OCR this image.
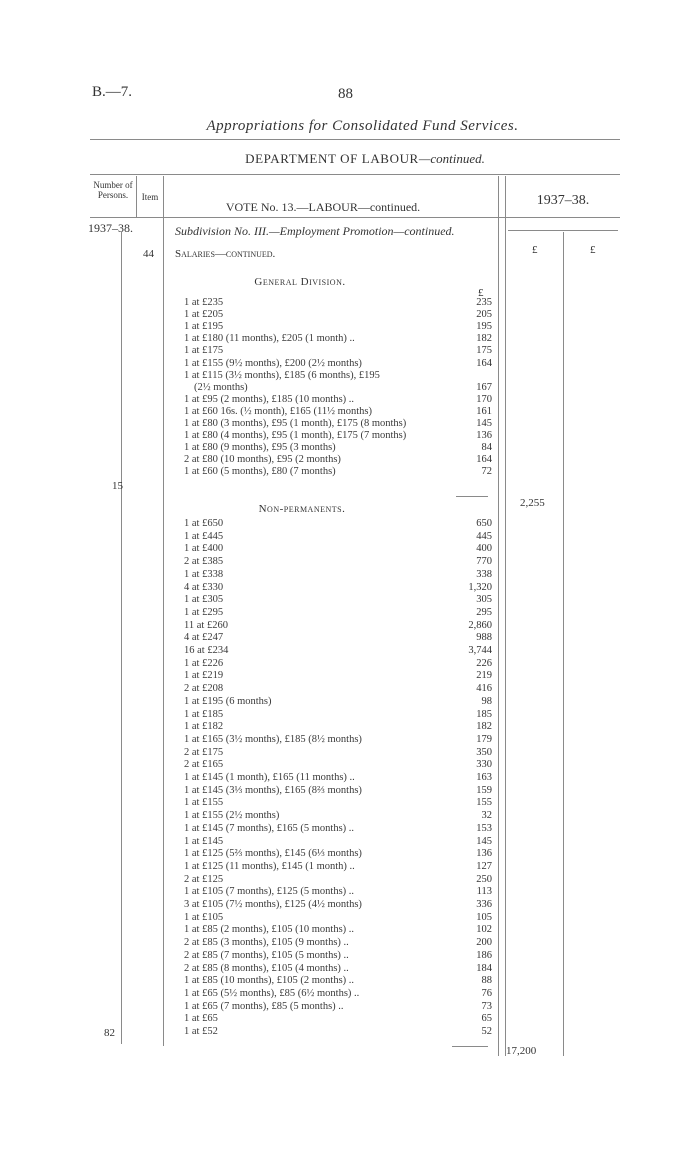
B.—7.	88
Appropriations for Consolidated Fund Services.
DEPARTMENT OF LABOUR—continued.
Number of Persons.	Item
VOTE No. 13.—LABOUR—continued.	1937–38.
1937–38.	Subdivision No. III.—Employment Promotion—continued.
£	£
44 Salaries—continued.
General Division.
£
1 at £235	235
1 at £205	205
1 at £195	195
1 at £180 (11 months), £205 (1 month) ..	182
1 at £175	175
1 at £155 (9½ months), £200 (2½ months)	164
1 at £115 (3½ months), £185 (6 months), £195
(2½ months)	167
1 at £95 (2 months), £185 (10 months) ..	170
1 at £60 16s. (½ month), £165 (11½ months)	161
1 at £80 (3 months), £95 (1 month), £175 (8 months)	145
1 at £80 (4 months), £95 (1 month), £175 (7 months)	136
1 at £80 (9 months), £95 (3 months)	84
2 at £80 (10 months), £95 (2 months)	164
1 at £60 (5 months), £80 (7 months)	72
15
2,255
Non-permanents.
1 at £650	650
1 at £445	445
1 at £400	400
2 at £385	770
1 at £338	338
4 at £330	1,320
1 at £305	305
1 at £295	295
11 at £260	2,860
4 at £247	988
16 at £234	3,744
1 at £226	226
1 at £219	219
2 at £208	416
1 at £195 (6 months)	98
1 at £185	185
1 at £182	182
1 at £165 (3½ months), £185 (8½ months)	179
2 at £175	350
2 at £165	330
1 at £145 (1 month), £165 (11 months) ..	163
1 at £145 (3⅓ months), £165 (8⅔ months)	159
1 at £155	155
1 at £155 (2½ months)	32
1 at £145 (7 months), £165 (5 months) ..	153
1 at £145	145
1 at £125 (5⅔ months), £145 (6⅓ months)	136
1 at £125 (11 months), £145 (1 month) ..	127
2 at £125	250
1 at £105 (7 months), £125 (5 months) ..	113
3 at £105 (7½ months), £125 (4½ months)	336
1 at £105	105
1 at £85 (2 months), £105 (10 months) ..	102
2 at £85 (3 months), £105 (9 months) ..	200
2 at £85 (7 months), £105 (5 months) ..	186
2 at £85 (8 months), £105 (4 months) ..	184
1 at £85 (10 months), £105 (2 months) ..	88
1 at £65 (5½ months), £85 (6½ months) ..	76
1 at £65 (7 months), £85 (5 months) ..	73
1 at £65	65
1 at £52	52
82
17,200
